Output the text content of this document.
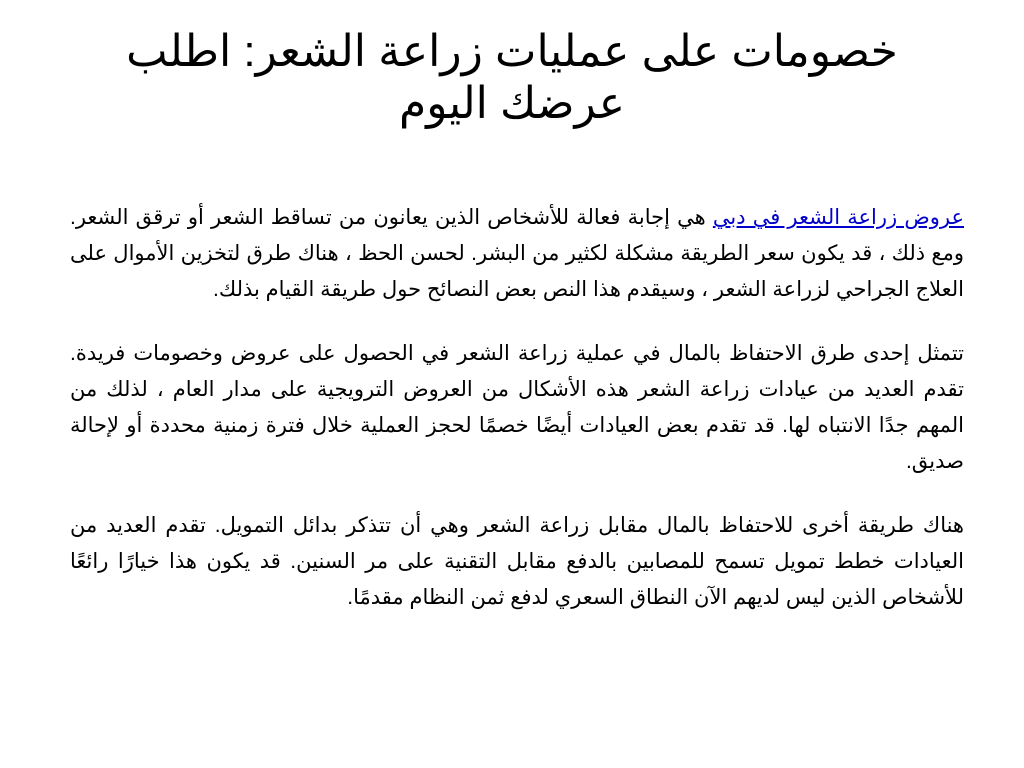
خصومات على عمليات زراعة الشعر: اطلب عرضك اليوم

عروض زراعة الشعر في دبي هي إجابة فعالة للأشخاص الذين يعانون من تساقط الشعر أو ترقق الشعر. ومع ذلك ، قد يكون سعر الطريقة مشكلة لكثير من البشر. لحسن الحظ ، هناك طرق لتخزين الأموال على العلاج الجراحي لزراعة الشعر ، وسيقدم هذا النص بعض النصائح حول طريقة القيام بذلك.

تتمثل إحدى طرق الاحتفاظ بالمال في عملية زراعة الشعر في الحصول على عروض وخصومات فريدة. تقدم العديد من عيادات زراعة الشعر هذه الأشكال من العروض الترويجية على مدار العام ، لذلك من المهم جدًا الانتباه لها. قد تقدم بعض العيادات أيضًا خصمًا لحجز العملية خلال فترة زمنية محددة أو لإحالة صديق.

هناك طريقة أخرى للاحتفاظ بالمال مقابل زراعة الشعر وهي أن تتذكر بدائل التمويل. تقدم العديد من العيادات خطط تمويل تسمح للمصابين بالدفع مقابل التقنية على مر السنين. قد يكون هذا خيارًا رائعًا للأشخاص الذين ليس لديهم الآن النطاق السعري لدفع ثمن النظام مقدمًا.
